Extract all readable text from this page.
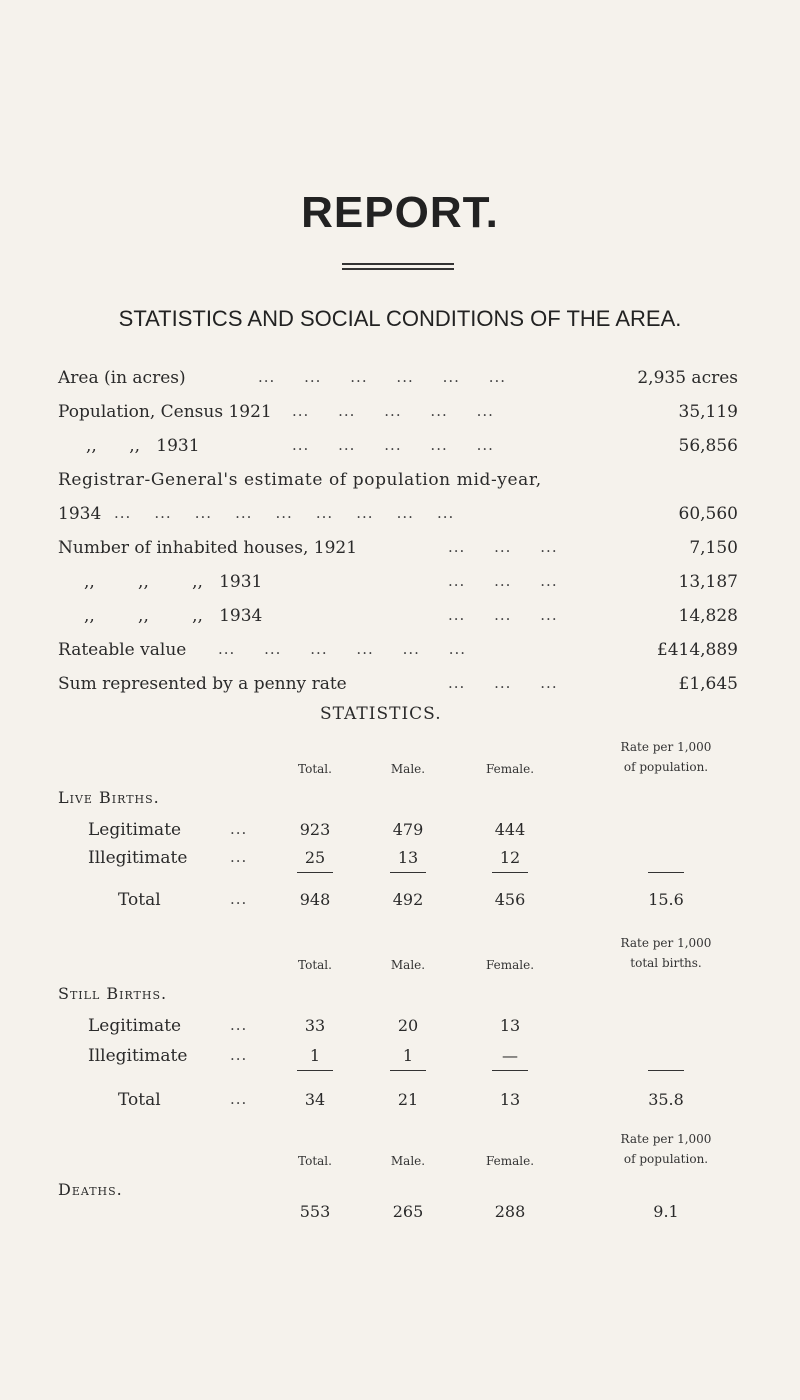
REPORT.
STATISTICS AND SOCIAL CONDITIONS OF THE AREA.
Area (in acres)	...     ...     ...     ...     ...     ...	2,935 acres
Population, Census 1921 ...     ...     ...     ...     ...	35,119
,,      ,,   1931	...     ...     ...     ...     ...	56,856
Registrar-General's estimate of population mid-year,
1934 ...    ...    ...    ...    ...    ...    ...    ...    ...	60,560
Number of inhabited houses, 1921	...     ...     ...	7,150
,,        ,,        ,,   1931	...     ...     ...	13,187
,,        ,,        ,,   1934	...     ...     ...	14,828
Rateable value ...     ...     ...     ...     ...     ...	£414,889
Sum represented by a penny rate	...     ...     ...	£1,645
STATISTICS.
Total.	Male.	Female.
Rate per 1,000
of population.
Live Births.
Legitimate	...	923	479	444
Illegitimate	...	25	13	12
Total	...	948	492	456	15.6
Total.	Male.	Female.
Rate per 1,000
total births.
Still Births.
Legitimate	...	33	20	13
Illegitimate	...	1	1	—
Total	...	34	21	13	35.8
Total.	Male.	Female.
Rate per 1,000
of population.
Deaths.
553	265	288	9.1
